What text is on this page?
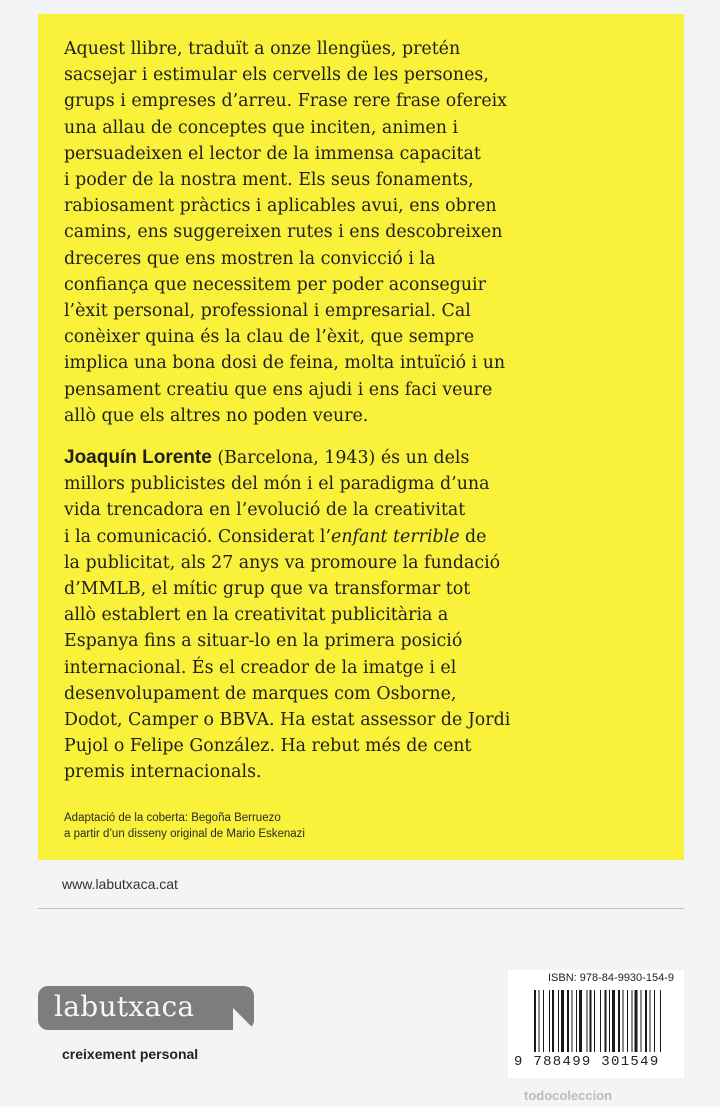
Aquest llibre, traduït a onze llengües, pretén
sacsejar i estimular els cervells de les persones,
grups i empreses d’arreu. Frase rere frase ofereix
una allau de conceptes que inciten, animen i
persuadeixen el lector de la immensa capacitat
i poder de la nostra ment. Els seus fonaments,
rabiosament pràctics i aplicables avui, ens obren
camins, ens suggereixen rutes i ens descobreixen
dreceres que ens mostren la convicció i la
confiança que necessitem per poder aconseguir
l’èxit personal, professional i empresarial. Cal
conèixer quina és la clau de l’èxit, que sempre
implica una bona dosi de feina, molta intuïció i un
pensament creatiu que ens ajudi i ens faci veure
allò que els altres no poden veure.

Joaquín Lorente (Barcelona, 1943) és un dels
millors publicistes del món i el paradigma d’una
vida trencadora en l’evolució de la creativitat
i la comunicació. Considerat l’enfant terrible de
la publicitat, als 27 anys va promoure la fundació
d’MMLB, el mític grup que va transformar tot
allò establert en la creativitat publicitària a
Espanya fins a situar-lo en la primera posició
internacional. És el creador de la imatge i el
desenvolupament de marques com Osborne,
Dodot, Camper o BBVA. Ha estat assessor de Jordi
Pujol o Felipe González. Ha rebut més de cent
premis internacionals.

Adaptació de la coberta: Begoña Berruezo
a partir d’un disseny original de Mario Eskenazi
www.labutxaca.cat
labutxaca
creixement personal
ISBN: 978-84-9930-154-9
9 788499 301549
todocoleccion
